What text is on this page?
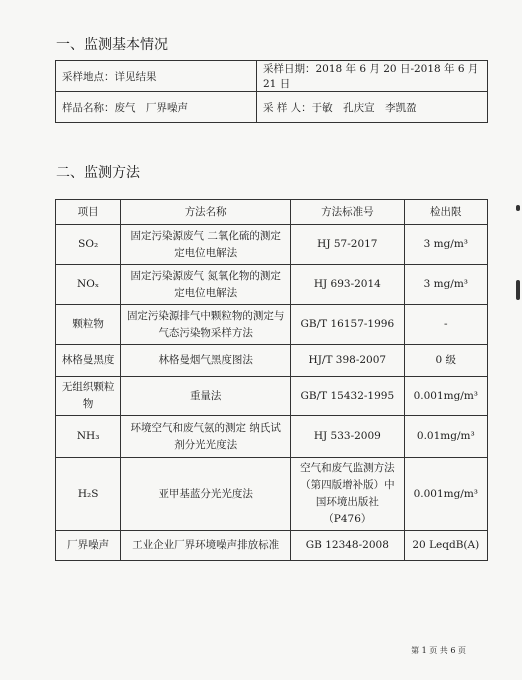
一、监测基本情况
采样地点：详见结果	采样日期：2018 年 6 月 20 日-2018 年 6 月 21 日
样品名称：废气　厂界噪声	采 样 人：于敏　孔庆宣　李凯盈
二、监测方法
项目	方法名称	方法标准号	检出限
SO₂	固定污染源废气 二氧化硫的测定 定电位电解法	HJ 57-2017	3 mg/m³
NOₓ	固定污染源废气 氮氧化物的测定 定电位电解法	HJ 693-2014	3 mg/m³
颗粒物	固定污染源排气中颗粒物的测定与气态污染物采样方法	GB/T 16157-1996	-
林格曼黑度	林格曼烟气黑度图法	HJ/T 398-2007	0 级
无组织颗粒物	重量法	GB/T 15432-1995	0.001mg/m³
NH₃	环境空气和废气氨的测定 纳氏试剂分光光度法	HJ 533-2009	0.01mg/m³
H₂S	亚甲基蓝分光光度法	空气和废气监测方法（第四版增补版）中国环境出版社（P476）	0.001mg/m³
厂界噪声	工业企业厂界环境噪声排放标准	GB 12348-2008	20 LeqdB(A)
第 1 页 共 6 页
